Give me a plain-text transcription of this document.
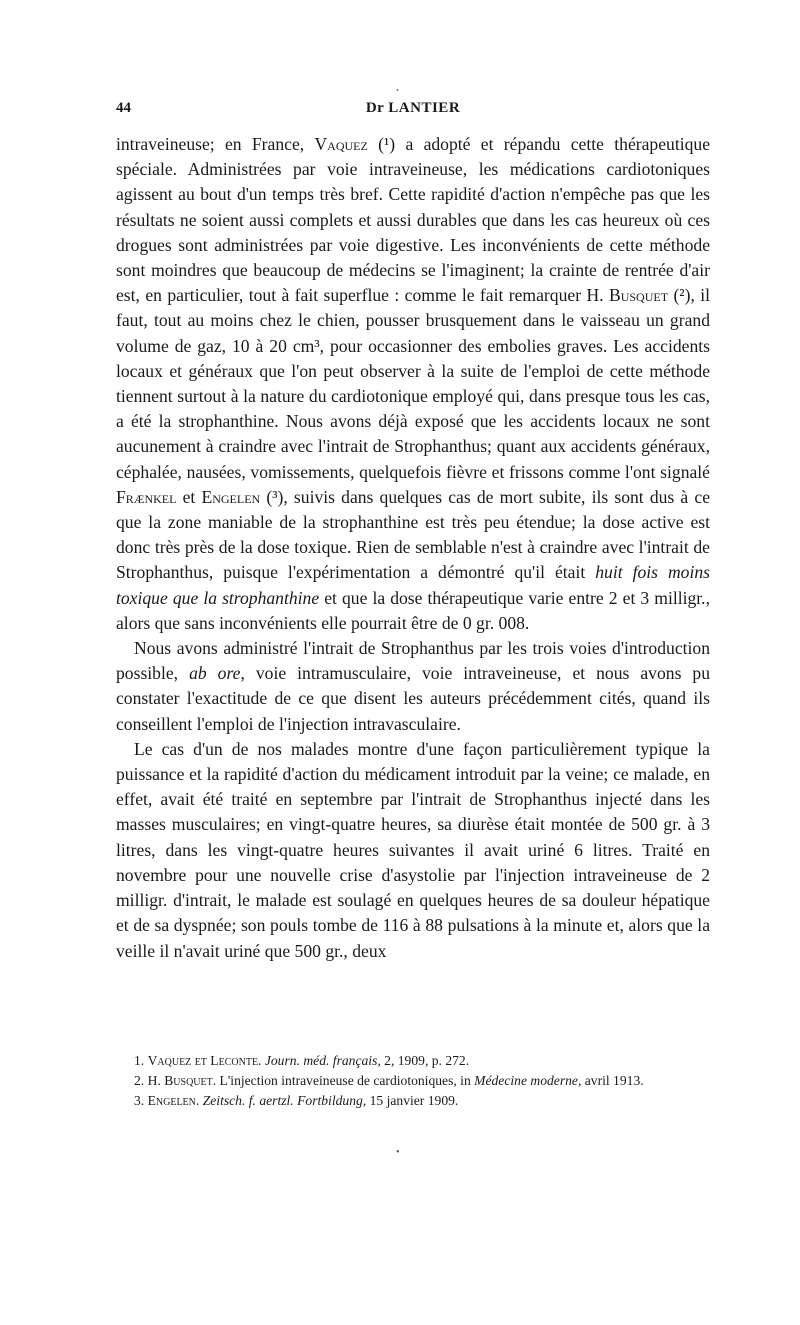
•
44	Dr LANTIER

intraveineuse; en France, Vaquez (¹) a adopté et répandu cette thérapeutique spéciale. Administrées par voie intraveineuse, les médications cardiotoniques agissent au bout d'un temps très bref. Cette rapidité d'action n'empêche pas que les résultats ne soient aussi complets et aussi durables que dans les cas heureux où ces drogues sont administrées par voie digestive. Les inconvénients de cette méthode sont moindres que beaucoup de médecins se l'imaginent; la crainte de rentrée d'air est, en particulier, tout à fait superflue : comme le fait remarquer H. Busquet (²), il faut, tout au moins chez le chien, pousser brusquement dans le vaisseau un grand volume de gaz, 10 à 20 cm³, pour occasionner des embolies graves. Les accidents locaux et généraux que l'on peut observer à la suite de l'emploi de cette méthode tiennent surtout à la nature du cardiotonique employé qui, dans presque tous les cas, a été la strophanthine. Nous avons déjà exposé que les accidents locaux ne sont aucunement à craindre avec l'intrait de Strophanthus; quant aux accidents généraux, céphalée, nausées, vomissements, quelquefois fièvre et frissons comme l'ont signalé Frænkel et Engelen (³), suivis dans quelques cas de mort subite, ils sont dus à ce que la zone maniable de la strophanthine est très peu étendue; la dose active est donc très près de la dose toxique. Rien de semblable n'est à craindre avec l'intrait de Strophanthus, puisque l'expérimentation a démontré qu'il était huit fois moins toxique que la strophanthine et que la dose thérapeutique varie entre 2 et 3 milligr., alors que sans inconvénients elle pourrait être de 0 gr. 008.

Nous avons administré l'intrait de Strophanthus par les trois voies d'introduction possible, ab ore, voie intramusculaire, voie intraveineuse, et nous avons pu constater l'exactitude de ce que disent les auteurs précédemment cités, quand ils conseillent l'emploi de l'injection intravasculaire.

Le cas d'un de nos malades montre d'une façon particulièrement typique la puissance et la rapidité d'action du médicament introduit par la veine; ce malade, en effet, avait été traité en septembre par l'intrait de Strophanthus injecté dans les masses musculaires; en vingt-quatre heures, sa diurèse était montée de 500 gr. à 3 litres, dans les vingt-quatre heures suivantes il avait uriné 6 litres. Traité en novembre pour une nouvelle crise d'asystolie par l'injection intraveineuse de 2 milligr. d'intrait, le malade est soulagé en quelques heures de sa douleur hépatique et de sa dyspnée; son pouls tombe de 116 à 88 pulsations à la minute et, alors que la veille il n'avait uriné que 500 gr., deux

1. Vaquez et Leconte. Journ. méd. français, 2, 1909, p. 272.

2. H. Busquet. L'injection intraveineuse de cardiotoniques, in Médecine moderne, avril 1913.

3. Engelen. Zeitsch. f. aertzl. Fortbildung, 15 janvier 1909.

•
